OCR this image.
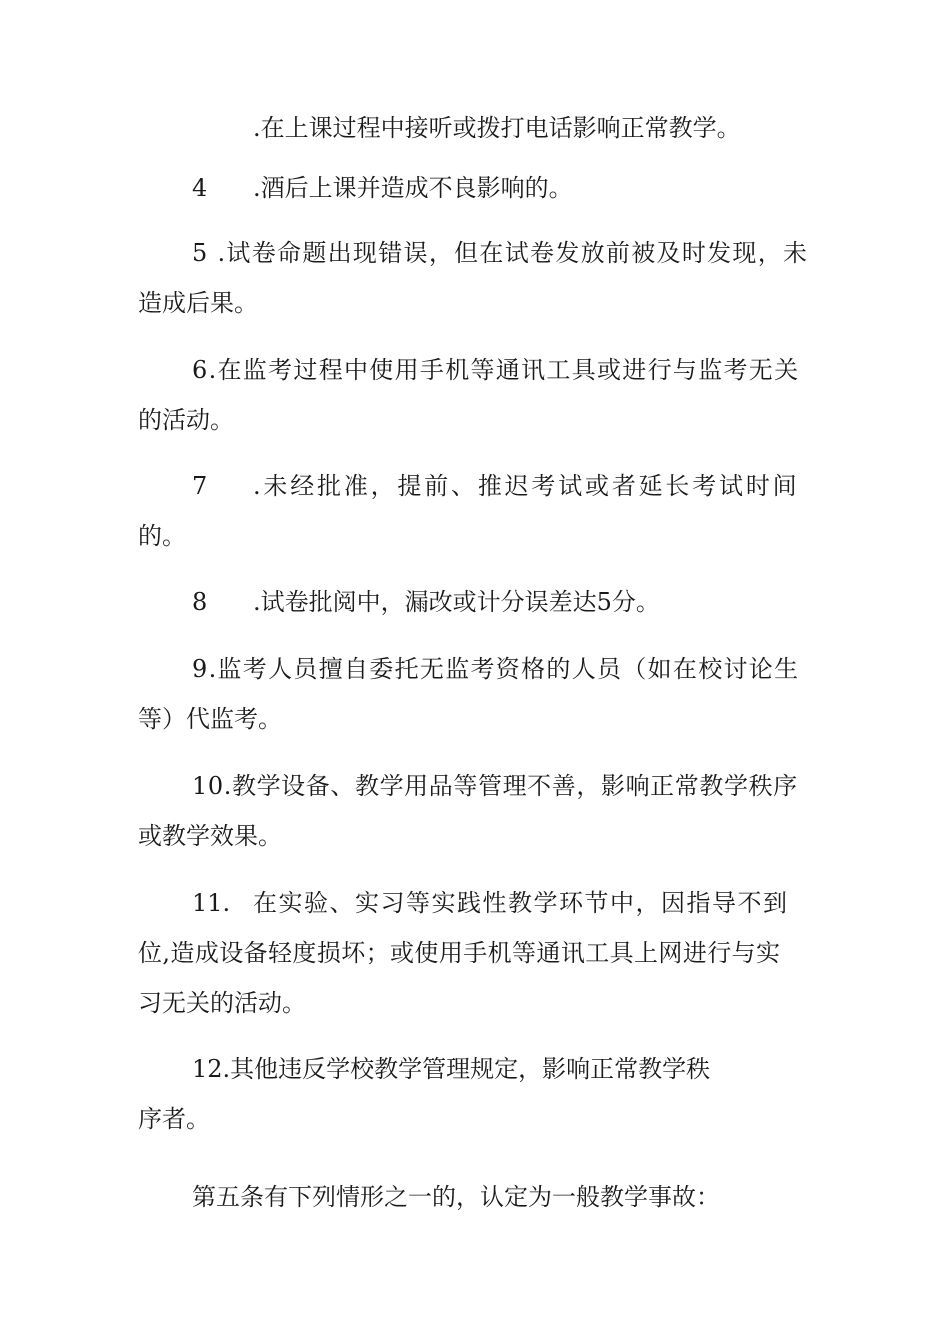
.在上课过程中接听或拨打电话影响正常教学。
4 .酒后上课并造成不良影响的。
5 .试卷命题出现错误，但在试卷发放前被及时发现，未
造成后果。
6.在监考过程中使用手机等通讯工具或进行与监考无关
的活动。
7 .未经批准，提前、推迟考试或者延长考试时间
的。
8 .试卷批阅中，漏改或计分误差达5分。
9.监考人员擅自委托无监考资格的人员（如在校讨论生
等）代监考。
10.教学设备、教学用品等管理不善，影响正常教学秩序
或教学效果。
11. 在实验、实习等实践性教学环节中，因指导不到
位,造成设备轻度损坏；或使用手机等通讯工具上网进行与实
习无关的活动。
12.其他违反学校教学管理规定，影响正常教学秩
序者。
第五条有下列情形之一的，认定为一般教学事故：
